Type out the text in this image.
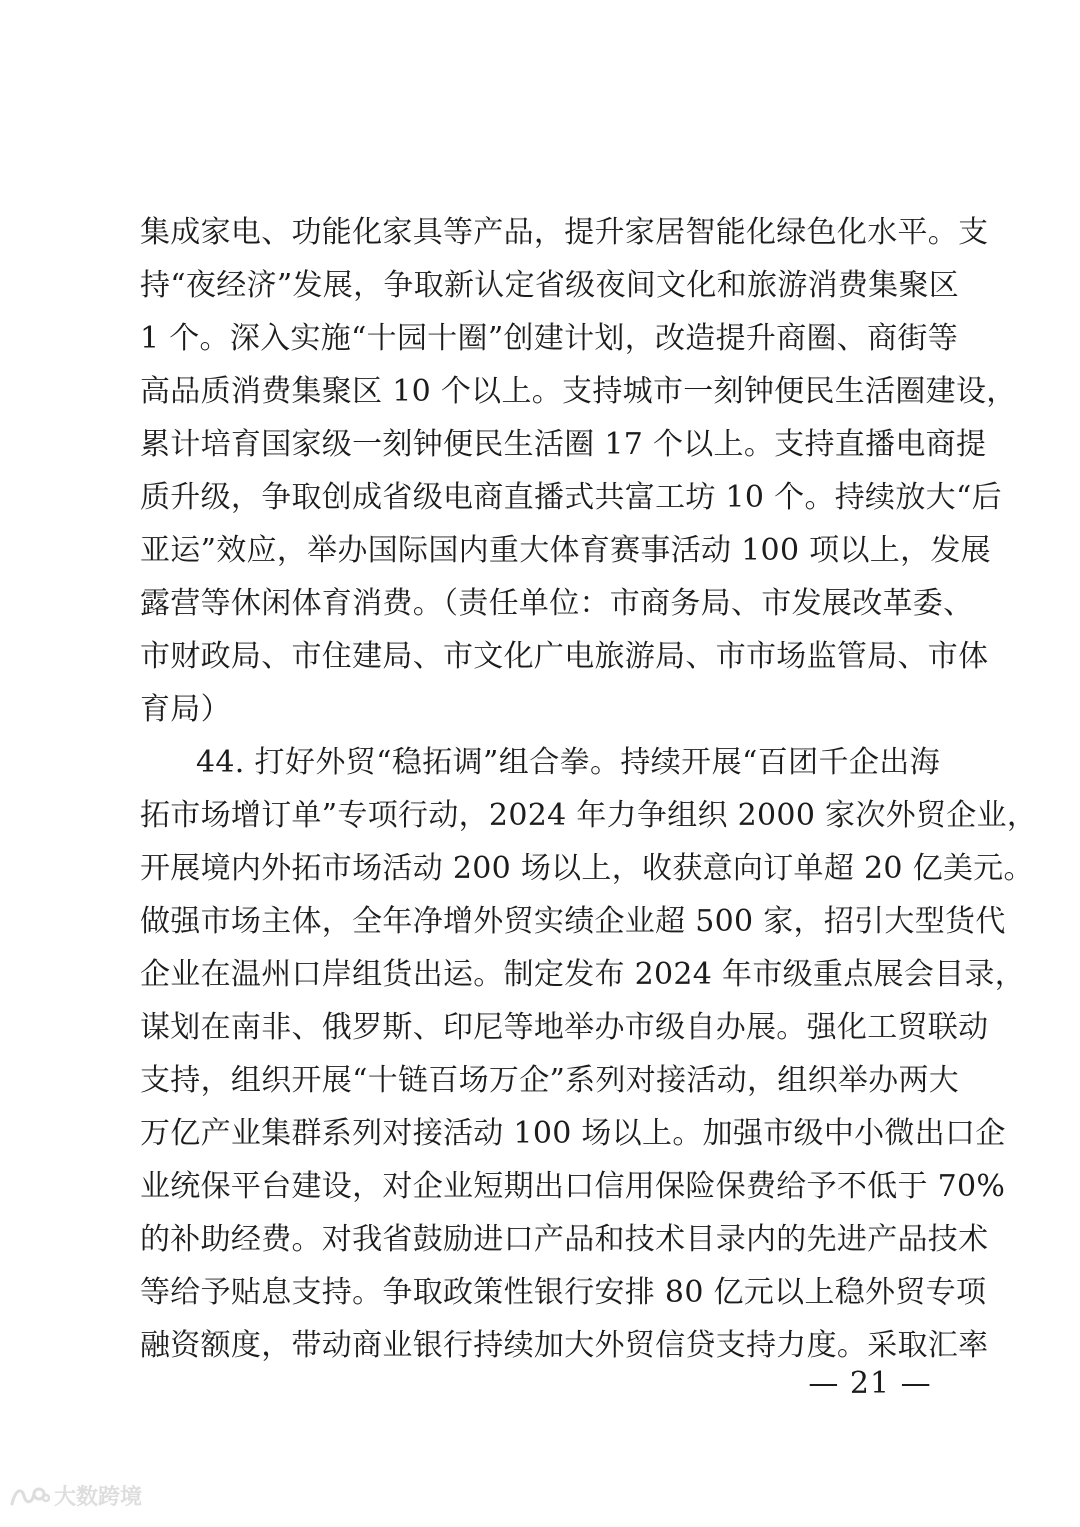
集成家电、功能化家具等产品，提升家居智能化绿色化水平。支
持“夜经济”发展，争取新认定省级夜间文化和旅游消费集聚区
1 个。深入实施“十园十圈”创建计划，改造提升商圈、商街等
高品质消费集聚区 10 个以上。支持城市一刻钟便民生活圈建设，
累计培育国家级一刻钟便民生活圈 17 个以上。支持直播电商提
质升级，争取创成省级电商直播式共富工坊 10 个。持续放大“后
亚运”效应，举办国际国内重大体育赛事活动 100 项以上，发展
露营等休闲体育消费。（责任单位：市商务局、市发展改革委、
市财政局、市住建局、市文化广电旅游局、市市场监管局、市体
育局）
44. 打好外贸“稳拓调”组合拳。持续开展“百团千企出海
拓市场增订单”专项行动，2024 年力争组织 2000 家次外贸企业，
开展境内外拓市场活动 200 场以上，收获意向订单超 20 亿美元。
做强市场主体，全年净增外贸实绩企业超 500 家，招引大型货代
企业在温州口岸组货出运。制定发布 2024 年市级重点展会目录，
谋划在南非、俄罗斯、印尼等地举办市级自办展。强化工贸联动
支持，组织开展“十链百场万企”系列对接活动，组织举办两大
万亿产业集群系列对接活动 100 场以上。加强市级中小微出口企
业统保平台建设，对企业短期出口信用保险保费给予不低于 70%
的补助经费。对我省鼓励进口产品和技术目录内的先进产品技术
等给予贴息支持。争取政策性银行安排 80 亿元以上稳外贸专项
融资额度，带动商业银行持续加大外贸信贷支持力度。采取汇率
— 21 —
大数跨境
